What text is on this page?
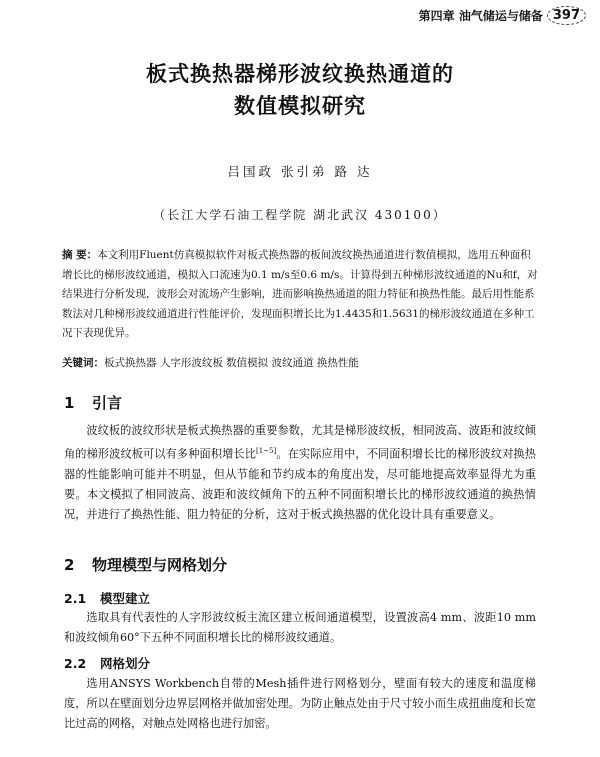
第四章 油气储运与储备 397
板式换热器梯形波纹换热通道的
数值模拟研究
吕国政 张引弟 路 达
（长江大学石油工程学院 湖北武汉 430100）
摘 要：本文利用Fluent仿真模拟软件对板式换热器的板间波纹换热通道进行数值模拟，选用五种面积增长比的梯形波纹通道，模拟入口流速为0.1 m/s至0.6 m/s。计算得到五种梯形波纹通道的Nu和f，对结果进行分析发现，波形会对流场产生影响，进而影响换热通道的阻力特征和换热性能。最后用性能系数法对几种梯形波纹通道进行性能评价，发现面积增长比为1.4435和1.5631的梯形波纹通道在多种工况下表现优异。
关键词：板式换热器 人字形波纹板 数值模拟 波纹通道 换热性能
1 引言
波纹板的波纹形状是板式换热器的重要参数，尤其是梯形波纹板，相同波高、波距和波纹倾角的梯形波纹板可以有多种面积增长比[1~5]。在实际应用中，不同面积增长比的梯形波纹对换热器的性能影响可能并不明显，但从节能和节约成本的角度出发，尽可能地提高效率显得尤为重要。本文模拟了相同波高、波距和波纹倾角下的五种不同面积增长比的梯形波纹通道的换热情况，并进行了换热性能、阻力特征的分析，这对于板式换热器的优化设计具有重要意义。
2 物理模型与网格划分
2.1 模型建立
选取具有代表性的人字形波纹板主流区建立板间通道模型，设置波高4 mm、波距10 mm和波纹倾角60°下五种不同面积增长比的梯形波纹通道。
2.2 网格划分
选用ANSYS Workbench自带的Mesh插件进行网格划分，壁面有较大的速度和温度梯度，所以在壁面划分边界层网格并做加密处理。为防止触点处由于尺寸较小而生成扭曲度和长宽比过高的网格，对触点处网格也进行加密。
